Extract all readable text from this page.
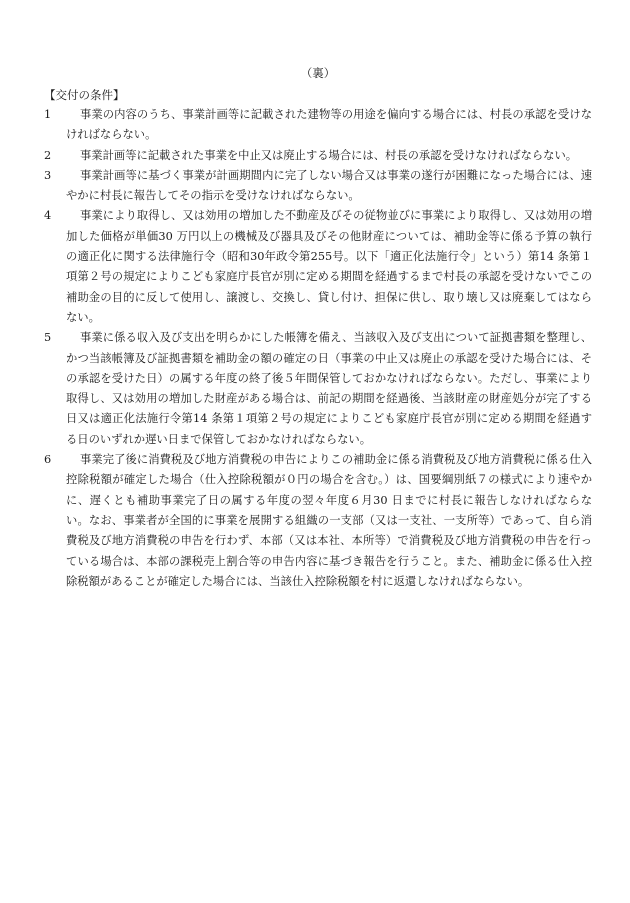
（裏）
【交付の条件】
1	事業の内容のうち、事業計画等に記載された建物等の用途を偏向する場合には、村長の承認を受けなければならない。
2	事業計画等に記載された事業を中止又は廃止する場合には、村長の承認を受けなければならない。
3	事業計画等に基づく事業が計画期間内に完了しない場合又は事業の遂行が困難になった場合には、速やかに村長に報告してその指示を受けなければならない。
4	事業により取得し、又は効用の増加した不動産及びその従物並びに事業により取得し、又は効用の増加した価格が単価30 万円以上の機械及び器具及びその他財産については、補助金等に係る予算の執行の適正化に関する法律施行令（昭和30年政令第255号。以下「適正化法施行令」という）第14 条第１項第２号の規定によりこども家庭庁長官が別に定める期間を経過するまで村長の承認を受けないでこの補助金の目的に反して使用し、譲渡し、交換し、貸し付け、担保に供し、取り壊し又は廃棄してはならない。
5	事業に係る収入及び支出を明らかにした帳簿を備え、当該収入及び支出について証拠書類を整理し、かつ当該帳簿及び証拠書類を補助金の額の確定の日（事業の中止又は廃止の承認を受けた場合には、その承認を受けた日）の属する年度の終了後５年間保管しておかなければならない。ただし、事業により取得し、又は効用の増加した財産がある場合は、前記の期間を経過後、当該財産の財産処分が完了する日又は適正化法施行令第14 条第１項第２号の規定によりこども家庭庁長官が別に定める期間を経過する日のいずれか遅い日まで保管しておかなければならない。
6	事業完了後に消費税及び地方消費税の申告によりこの補助金に係る消費税及び地方消費税に係る仕入控除税額が確定した場合（仕入控除税額が０円の場合を含む。）は、国要綱別紙７の様式により速やかに、遅くとも補助事業完了日の属する年度の翌々年度６月30 日までに村長に報告しなければならない。なお、事業者が全国的に事業を展開する組織の一支部（又は一支社、一支所等）であって、自ら消費税及び地方消費税の申告を行わず、本部（又は本社、本所等）で消費税及び地方消費税の申告を行っている場合は、本部の課税売上割合等の申告内容に基づき報告を行うこと。また、補助金に係る仕入控除税額があることが確定した場合には、当該仕入控除税額を村に返還しなければならない。
